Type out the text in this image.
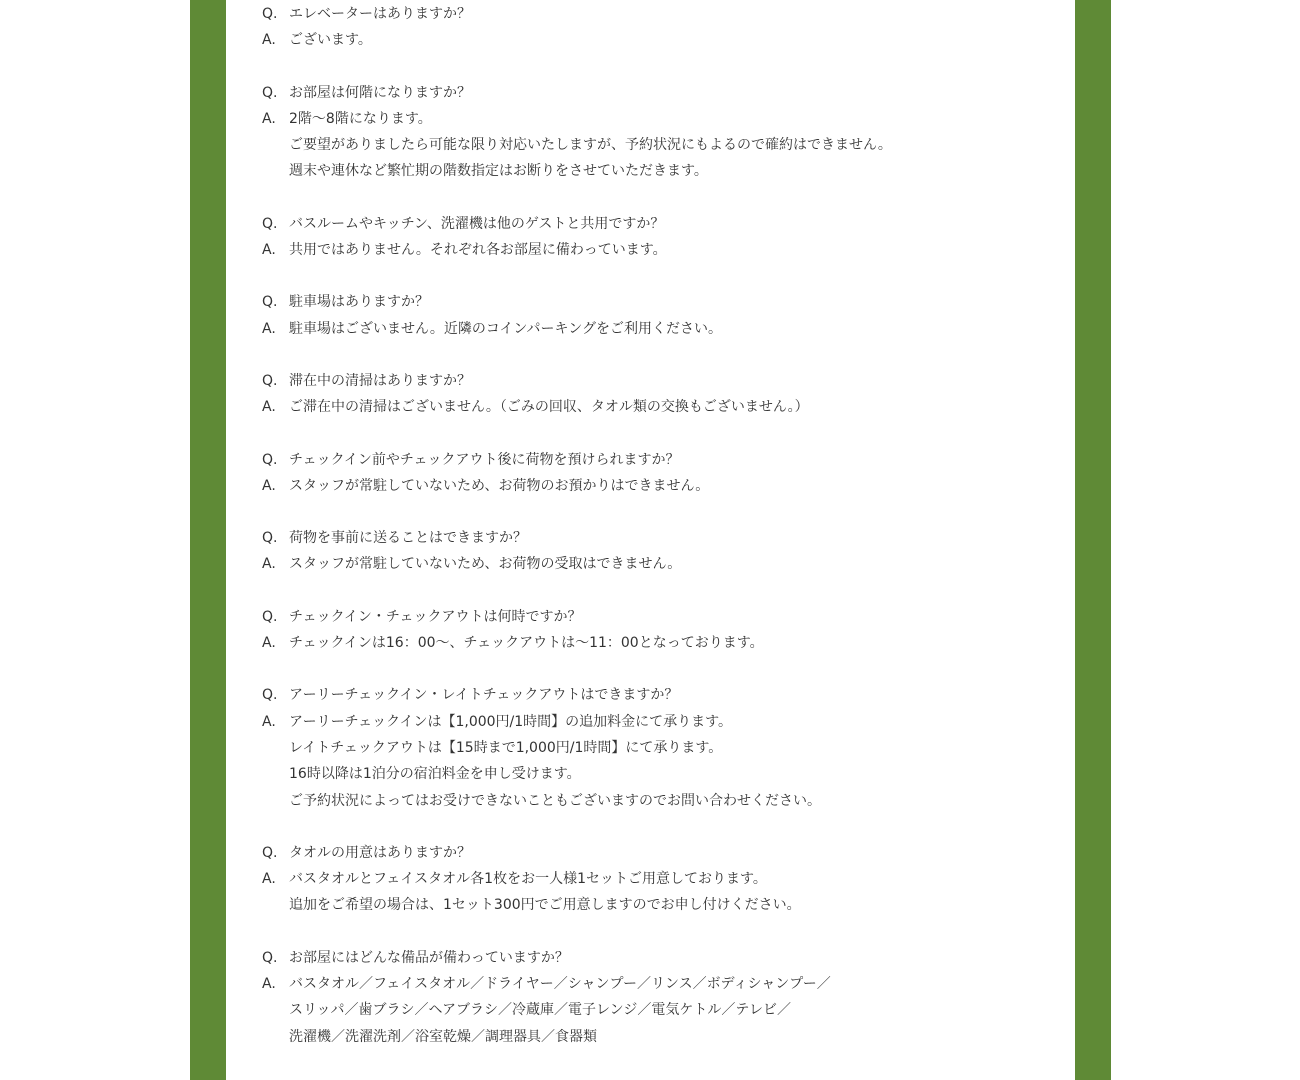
Q. エレベーターはありますか？
A. ございます。
Q. お部屋は何階になりますか？
A. 2階～8階になります。
ご要望がありましたら可能な限り対応いたしますが、予約状況にもよるので確約はできません。
週末や連休など繁忙期の階数指定はお断りをさせていただきます。
Q. バスルームやキッチン、洗濯機は他のゲストと共用ですか？
A. 共用ではありません。それぞれ各お部屋に備わっています。
Q. 駐車場はありますか？
A. 駐車場はございません。近隣のコインパーキングをご利用ください。
Q. 滞在中の清掃はありますか？
A. ご滞在中の清掃はございません。（ごみの回収、タオル類の交換もございません。）
Q. チェックイン前やチェックアウト後に荷物を預けられますか？
A. スタッフが常駐していないため、お荷物のお預かりはできません。
Q. 荷物を事前に送ることはできますか？
A. スタッフが常駐していないため、お荷物の受取はできません。
Q. チェックイン・チェックアウトは何時ですか？
A. チェックインは16：00～、チェックアウトは～11：00となっております。
Q. アーリーチェックイン・レイトチェックアウトはできますか？
A. アーリーチェックインは【1,000円/1時間】の追加料金にて承ります。
レイトチェックアウトは【15時まで1,000円/1時間】にて承ります。
16時以降は1泊分の宿泊料金を申し受けます。
ご予約状況によってはお受けできないこともございますのでお問い合わせください。
Q. タオルの用意はありますか？
A. バスタオルとフェイスタオル各1枚をお一人様1セットご用意しております。
追加をご希望の場合は、1セット300円でご用意しますのでお申し付けください。
Q. お部屋にはどんな備品が備わっていますか？
A. バスタオル／フェイスタオル／ドライヤー／シャンプー／リンス／ボディシャンプー／
スリッパ／歯ブラシ／ヘアブラシ／冷蔵庫／電子レンジ／電気ケトル／テレビ／
洗濯機／洗濯洗剤／浴室乾燥／調理器具／食器類
